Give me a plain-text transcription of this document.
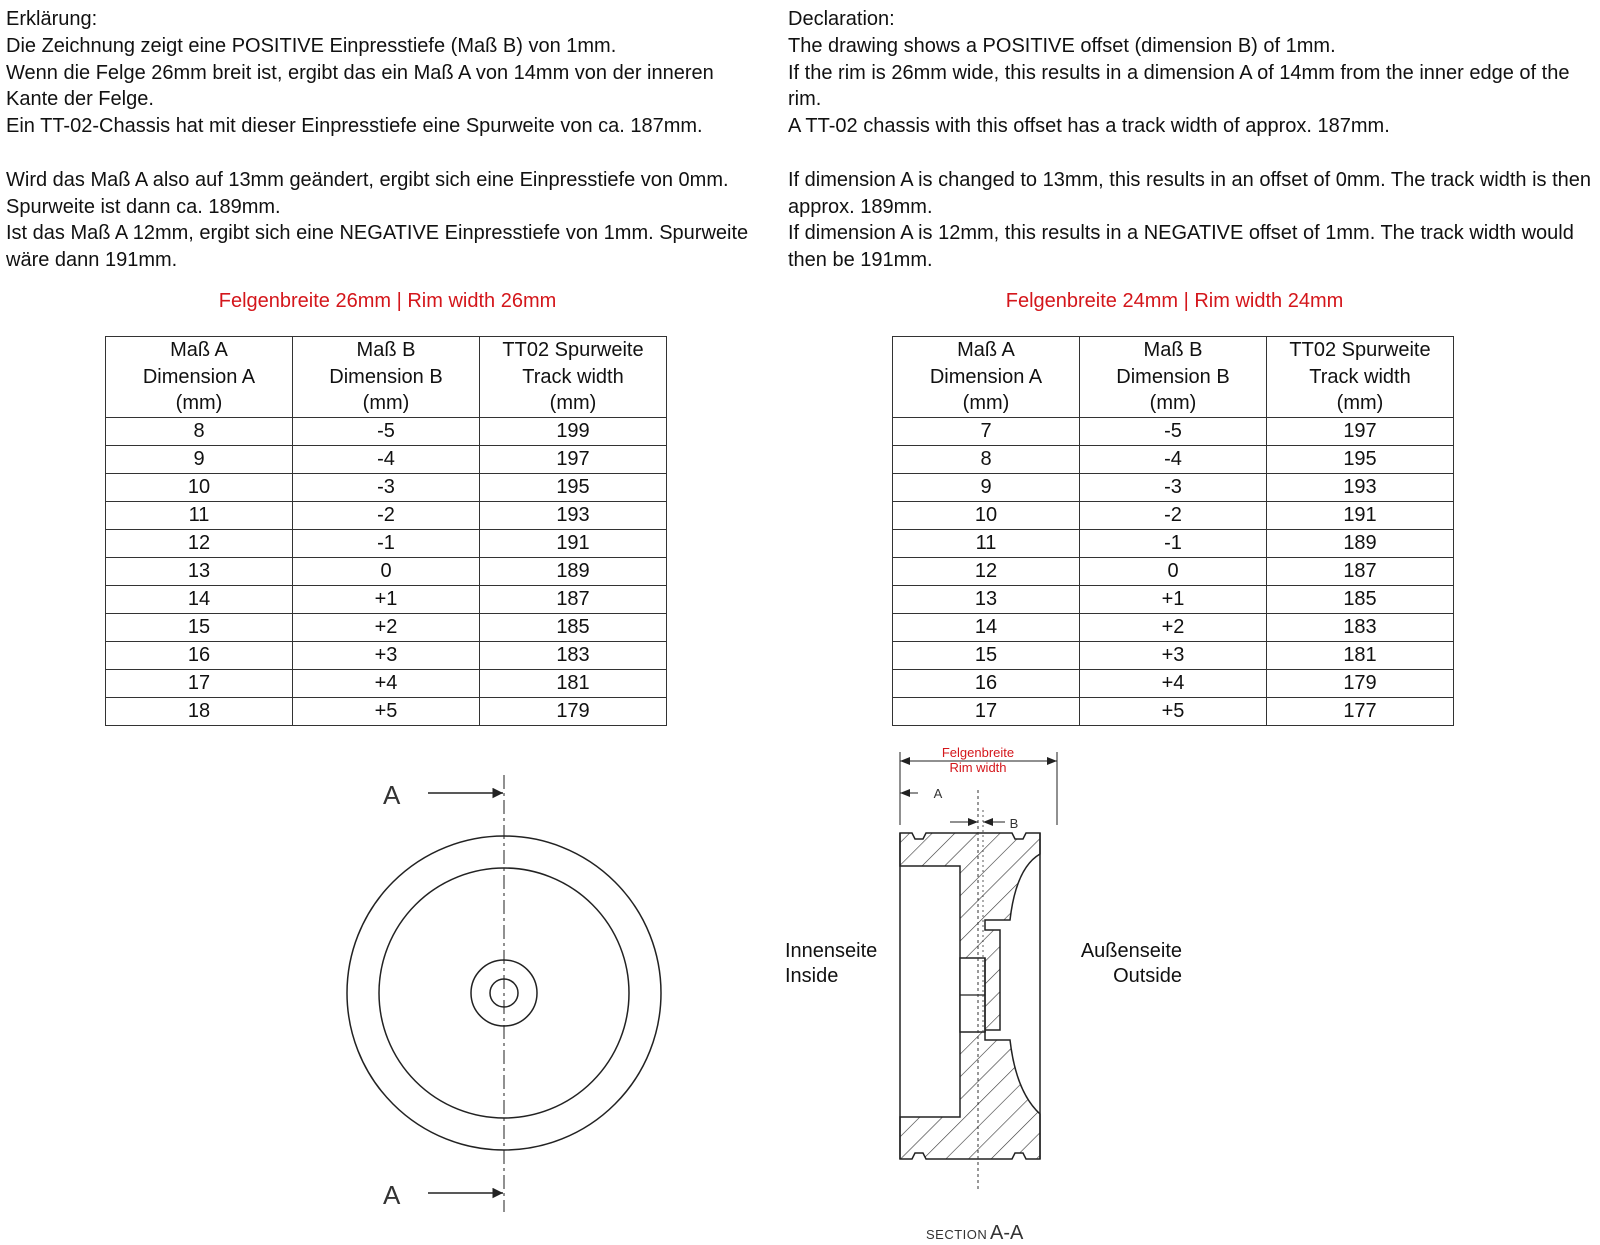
Erklärung:

Die Zeichnung zeigt eine POSITIVE Einpresstiefe (Maß B) von 1mm.

Wenn die Felge 26mm breit ist, ergibt das ein Maß A von 14mm von der inneren Kante der Felge.

Ein TT-02-Chassis hat mit dieser Einpresstiefe eine Spurweite von ca. 187mm.

Wird das Maß A also auf 13mm geändert, ergibt sich eine Einpresstiefe von 0mm. Spurweite ist dann ca. 189mm.

Ist das Maß A 12mm, ergibt sich eine NEGATIVE Einpresstiefe von 1mm. Spurweite wäre dann 191mm.

Declaration:

The drawing shows a POSITIVE offset (dimension B) of 1mm.

If the rim is 26mm wide, this results in a dimension A of 14mm from the inner edge of the rim.

A TT-02 chassis with this offset has a track width of approx. 187mm.

If dimension A is changed to 13mm, this results in an offset of 0mm. The track width is then approx. 189mm.

If dimension A is 12mm, this results in a NEGATIVE offset of 1mm. The track width would then be 191mm.

Felgenbreite 26mm | Rim width 26mm	Felgenbreite 24mm | Rim width 24mm
Maß A
Dimension A
(mm)	Maß B
Dimension B
(mm)	TT02 Spurweite
Track width
(mm)
8	-5	199
9	-4	197
10	-3	195
11	-2	193
12	-1	191
13	0	189
14	+1	187
15	+2	185
16	+3	183
17	+4	181
18	+5	179
Maß A
Dimension A
(mm)	Maß B
Dimension B
(mm)	TT02 Spurweite
Track width
(mm)
7	-5	197
8	-4	195
9	-3	193
10	-2	191
11	-1	189
12	0	187
13	+1	185
14	+2	183
15	+3	181
16	+4	179
17	+5	177
A
A
Felgenbreite
Rim width
A
B
Innenseite
Inside
Außenseite
Outside
SECTION A-A
